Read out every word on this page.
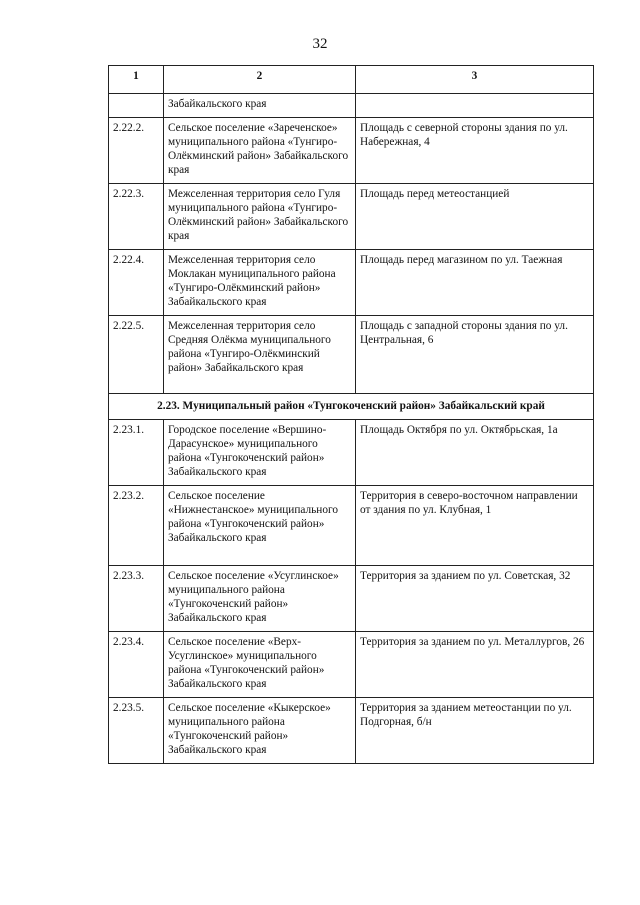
32
1	2	3
	Забайкальского края	
2.22.2.	Сельское поселение «Зареченское» муниципального района «Тунгиро-Олёкминский район» Забайкальского края	Площадь с северной стороны здания по ул. Набережная, 4
2.22.3.	Межселенная территория село Гуля муниципального района «Тунгиро-Олёкминский район» Забайкальского края	Площадь перед метеостанцией
2.22.4.	Межселенная территория село Моклакан муниципального района «Тунгиро-Олёкминский район» Забайкальского края	Площадь перед магазином по ул. Таежная
2.22.5.	Межселенная территория село Средняя Олёкма муниципального района «Тунгиро-Олёкминский район» Забайкальского края	Площадь с западной стороны здания по ул. Центральная, 6
2.23. Муниципальный район «Тунгокоченский район» Забайкальский край		
2.23.1.	Городское поселение «Вершино-Дарасунское» муниципального района «Тунгокоченский район» Забайкальского края	Площадь Октября по ул. Октябрьская, 1а
2.23.2.	Сельское поселение «Нижнестанское» муниципального района «Тунгокоченский район» Забайкальского края	Территория в северо-восточном направлении от здания по ул. Клубная, 1
2.23.3.	Сельское поселение «Усуглинское» муниципального района «Тунгокоченский район» Забайкальского края	Территория за зданием по ул. Советская, 32
2.23.4.	Сельское поселение «Верх-Усуглинское» муниципального района «Тунгокоченский район» Забайкальского края	Территория за зданием по ул. Металлургов, 26
2.23.5.	Сельское поселение «Кыкерское» муниципального района «Тунгокоченский район» Забайкальского края	Территория за зданием метеостанции по ул. Подгорная, б/н
